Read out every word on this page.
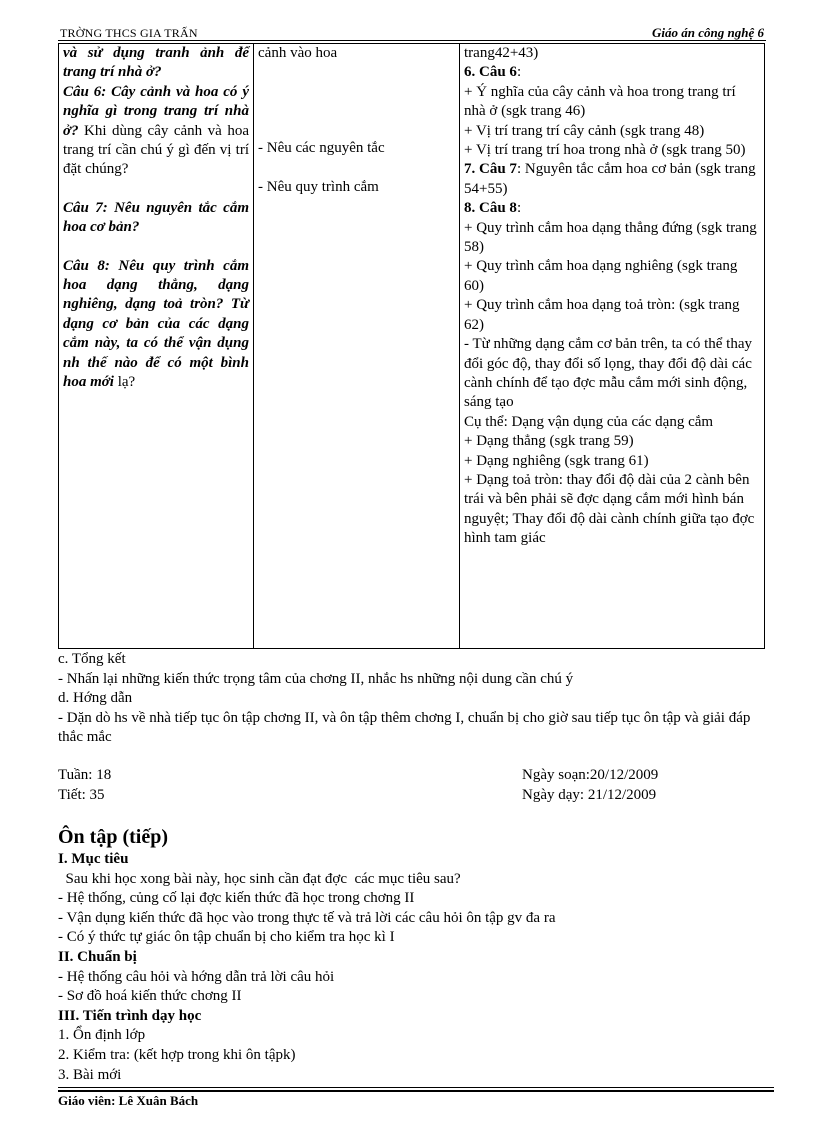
TRỜNG THCS GIA TRẤN	Giáo án công nghệ 6
và sử dụng tranh ảnh để trang trí nhà ở?
Câu 6: Cây cảnh và hoa có ý nghĩa gì trong trang trí nhà ở? Khi dùng cây cảnh và hoa trang trí cần chú ý gì đến vị trí đặt chúng?
Câu 7: Nêu nguyên tắc cắm hoa cơ bản?
Câu 8: Nêu quy trình cắm hoa dạng thẳng, dạng nghiêng, dạng toả tròn? Từ dạng cơ bản của các dạng cắm này, ta có thể vận dụng nh thế nào để có một bình hoa mới lạ?

cảnh vào hoa
- Nêu các nguyên tắc
- Nêu quy trình cắm

trang42+43)
6. Câu 6:
+ Ý nghĩa của cây cảnh và hoa trong trang trí nhà ở (sgk trang 46)
+ Vị trí trang trí cây cảnh (sgk trang 48)
+ Vị trí trang trí hoa trong nhà ở (sgk trang 50)
7. Câu 7: Nguyên tắc cắm hoa cơ bản (sgk trang 54+55)
8. Câu 8:
+ Quy trình cắm hoa dạng thẳng đứng (sgk trang 58)
+ Quy trình cắm hoa dạng nghiêng (sgk trang 60)
+ Quy trình cắm hoa dạng toả tròn: (sgk trang 62)
- Từ những dạng cắm cơ bản trên, ta có thể thay đổi góc độ, thay đổi số lọng, thay đổi độ dài các cành chính để tạo đợc mẫu cắm mới sinh động, sáng tạo
Cụ thể: Dạng vận dụng của các dạng cắm
+ Dạng thẳng (sgk trang 59)
+ Dạng nghiêng (sgk trang 61)
+ Dạng toả tròn: thay đổi độ dài của 2 cành bên trái và bên phải sẽ đợc dạng cắm mới hình bán nguyệt; Thay đổi độ dài cành chính giữa tạo đợc hình tam giác
c. Tổng kết
- Nhấn lại những kiến thức trọng tâm của chơng II, nhắc hs những nội dung cần chú ý
d. Hớng dẫn
- Dặn dò hs về nhà tiếp tục ôn tập chơng II, và ôn tập thêm chơng I, chuẩn bị cho giờ sau tiếp tục ôn tập và giải đáp thắc mắc
Tuần: 18
Tiết: 35
Ngày soạn:20/12/2009
Ngày dạy: 21/12/2009
Ôn tập (tiếp)
I. Mục tiêu
Sau khi học xong bài này, học sinh cần đạt đợc  các mục tiêu sau?
- Hệ thống, củng cố lại đợc kiến thức đã học trong chơng II
- Vận dụng kiến thức đã học vào trong thực tế và trả lời các câu hỏi ôn tập gv đa ra
- Có ý thức tự giác ôn tập chuẩn bị cho kiểm tra học kì I
II. Chuẩn bị
- Hệ thống câu hỏi và hớng dẫn trả lời câu hỏi
- Sơ đồ hoá kiến thức chơng II
III. Tiến trình dạy học
1. Ổn định lớp
2. Kiểm tra: (kết hợp trong khi ôn tậpk)
3. Bài mới
Giáo viên: Lê Xuân Bách
